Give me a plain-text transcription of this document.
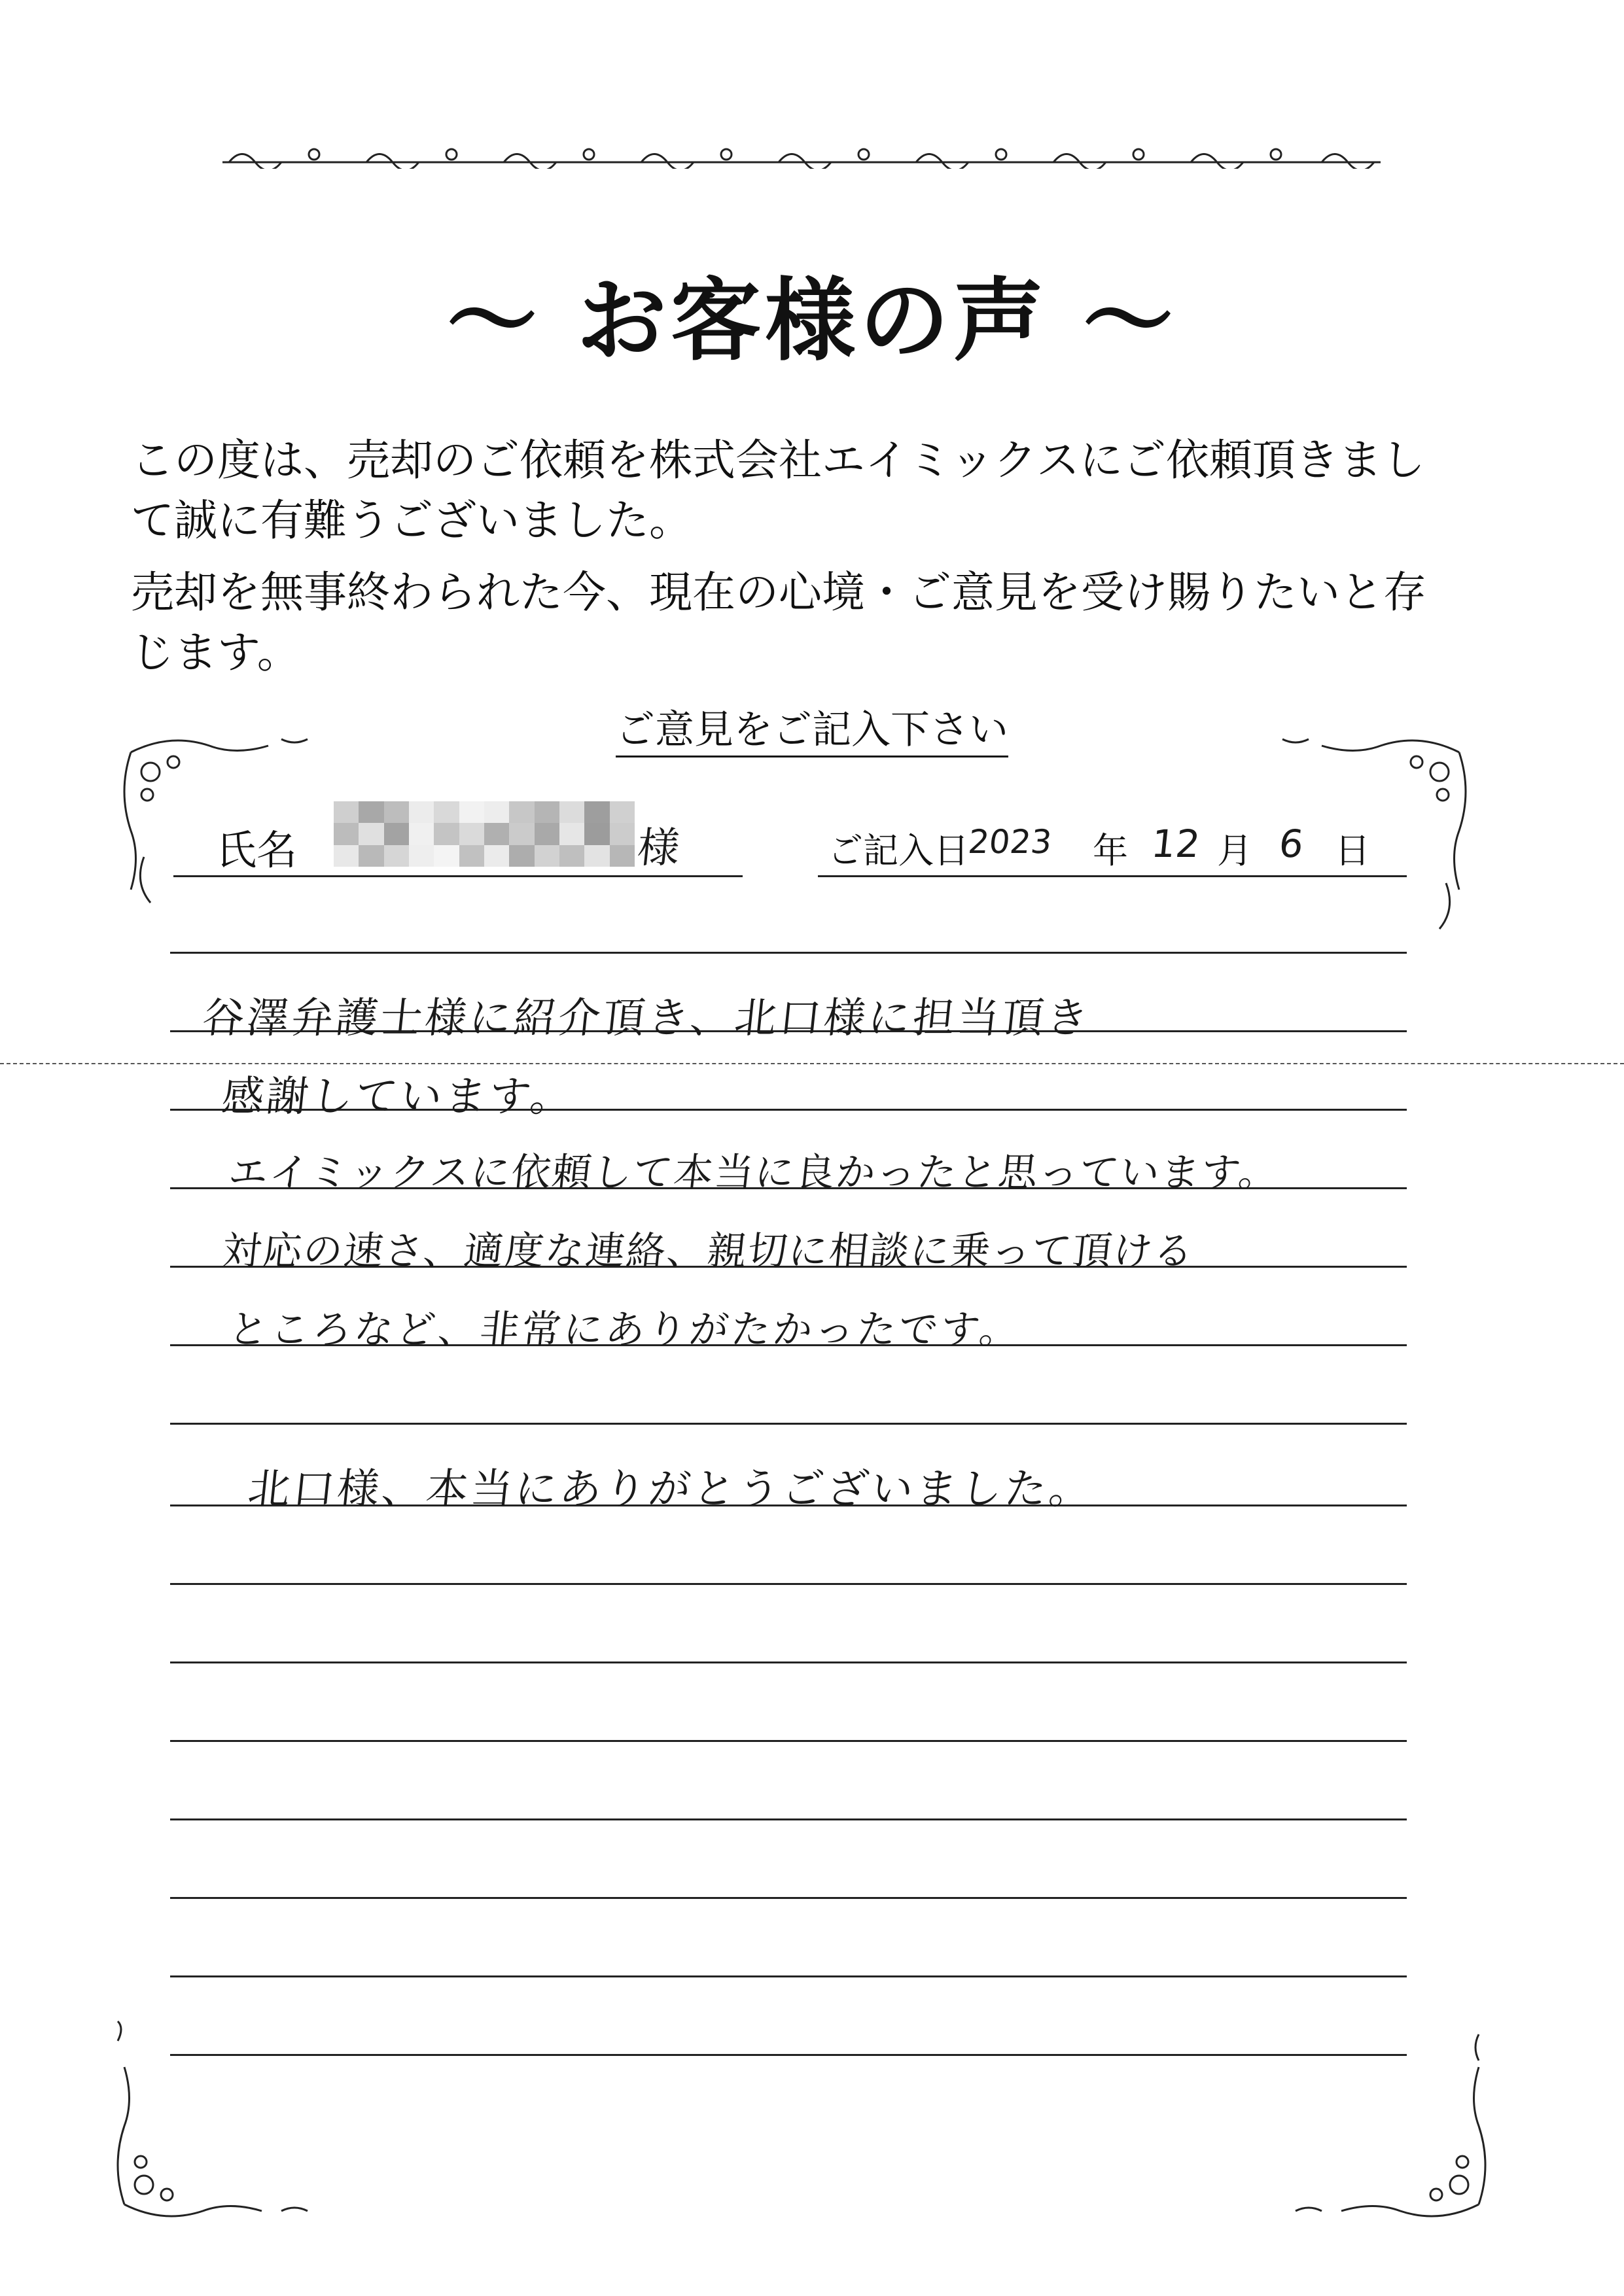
～ お客様の声 ～
この度は、売却のご依頼を株式会社エイミックスにご依頼頂きまし
て誠に有難うございました。
売却を無事終わられた今、現在の心境・ご意見を受け賜りたいと存
じます。
ご意見をご記入下さい
氏名	様	ご記入日
2023 年 12 月 6 日
谷澤弁護士様に紹介頂き、北口様に担当頂き
感謝しています。
エイミックスに依頼して本当に良かったと思っています。
対応の速さ、適度な連絡、親切に相談に乗って頂ける
ところなど、非常にありがたかったです。
北口様、本当にありがとうございました。
